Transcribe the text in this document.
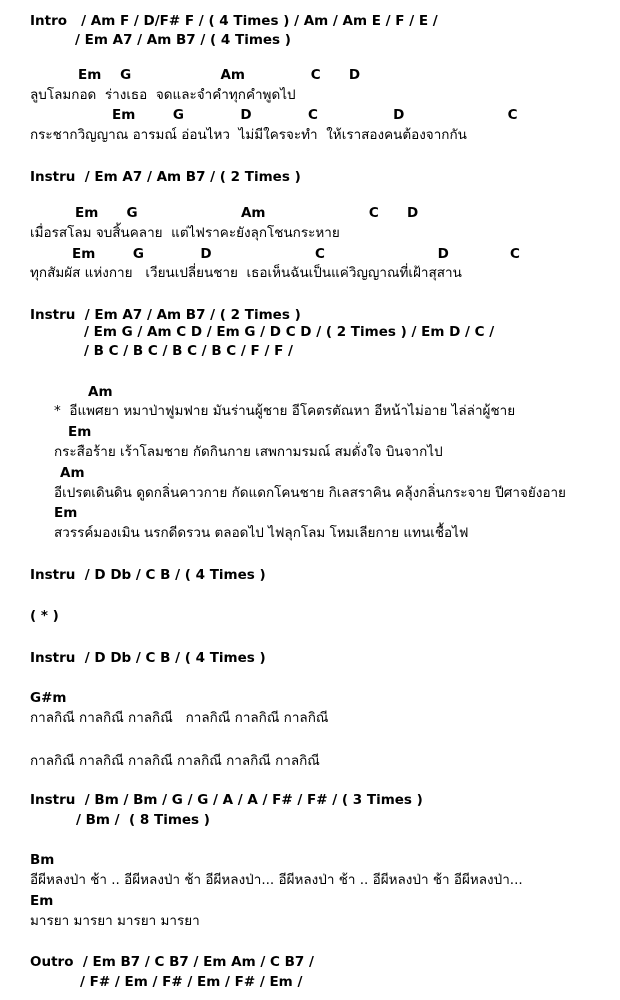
Intro   / Am F / D/F# F / ( 4 Times ) / Am / Am E / F / E /
/ Em A7 / Am B7 / ( 4 Times )
Em    G                   Am              C      D
ลูบโลมกอด  ร่างเธอ  จดและจำคำทุกคำพูดไป
Em        G            D            C                D                      C
กระชากวิญญาณ อารมณ์ อ่อนไหว  ไม่มีใครจะทำ  ให้เราสองคนต้องจากกัน
Instru  / Em A7 / Am B7 / ( 2 Times )
Em      G                      Am                      C      D
เมื่อรสโลม จบสิ้นคลาย  แต่ไฟราคะยังลุกโชนกระหาย
Em        G            D                      C                        D             C
ทุกสัมผัส แห่งกาย   เวียนเปลี่ยนชาย  เธอเห็นฉันเป็นแค่วิญญาณที่เฝ้าสุสาน
Instru  / Em A7 / Am B7 / ( 2 Times )
/ Em G / Am C D / Em G / D C D / ( 2 Times ) / Em D / C /
/ B C / B C / B C / B C / F / F /
Am
*  อีแพศยา หมาป่าฟูมฟาย มันร่านผู้ชาย อีโคตรตัณหา อีหน้าไม่อาย ไล่ล่าผู้ชาย
Em
กระสือร้าย เร้าโลมชาย กัดกินกาย เสพกามรมณ์ สมดั่งใจ บินจากไป
Am
อีเปรตเดินดิน ดูดกลิ่นคาวกาย กัดแดกโคนชาย กิเลสราคิน คลุ้งกลิ่นกระจาย ปีศาจยังอาย
Em
สวรรค์มองเมิน นรกดีดรวน ตลอดไป ไฟลุกโลม โหมเลียกาย แทนเชื้อไฟ
Instru  / D Db / C B / ( 4 Times )
( * )
Instru  / D Db / C B / ( 4 Times )
G#m
กาลกิณี กาลกิณี กาลกิณี   กาลกิณี กาลกิณี กาลกิณี
กาลกิณี กาลกิณี กาลกิณี กาลกิณี กาลกิณี กาลกิณี
Instru  / Bm / Bm / G / G / A / A / F# / F# / ( 3 Times )
/ Bm /  ( 8 Times )
Bm
อีผีหลงป่า ช้า .. อีผีหลงป่า ช้า อีผีหลงป่า... อีผีหลงป่า ช้า .. อีผีหลงป่า ช้า อีผีหลงป่า...
Em
มารยา มารยา มารยา มารยา
Outro  / Em B7 / C B7 / Em Am / C B7 /
/ F# / Em / F# / Em / F# / Em /
